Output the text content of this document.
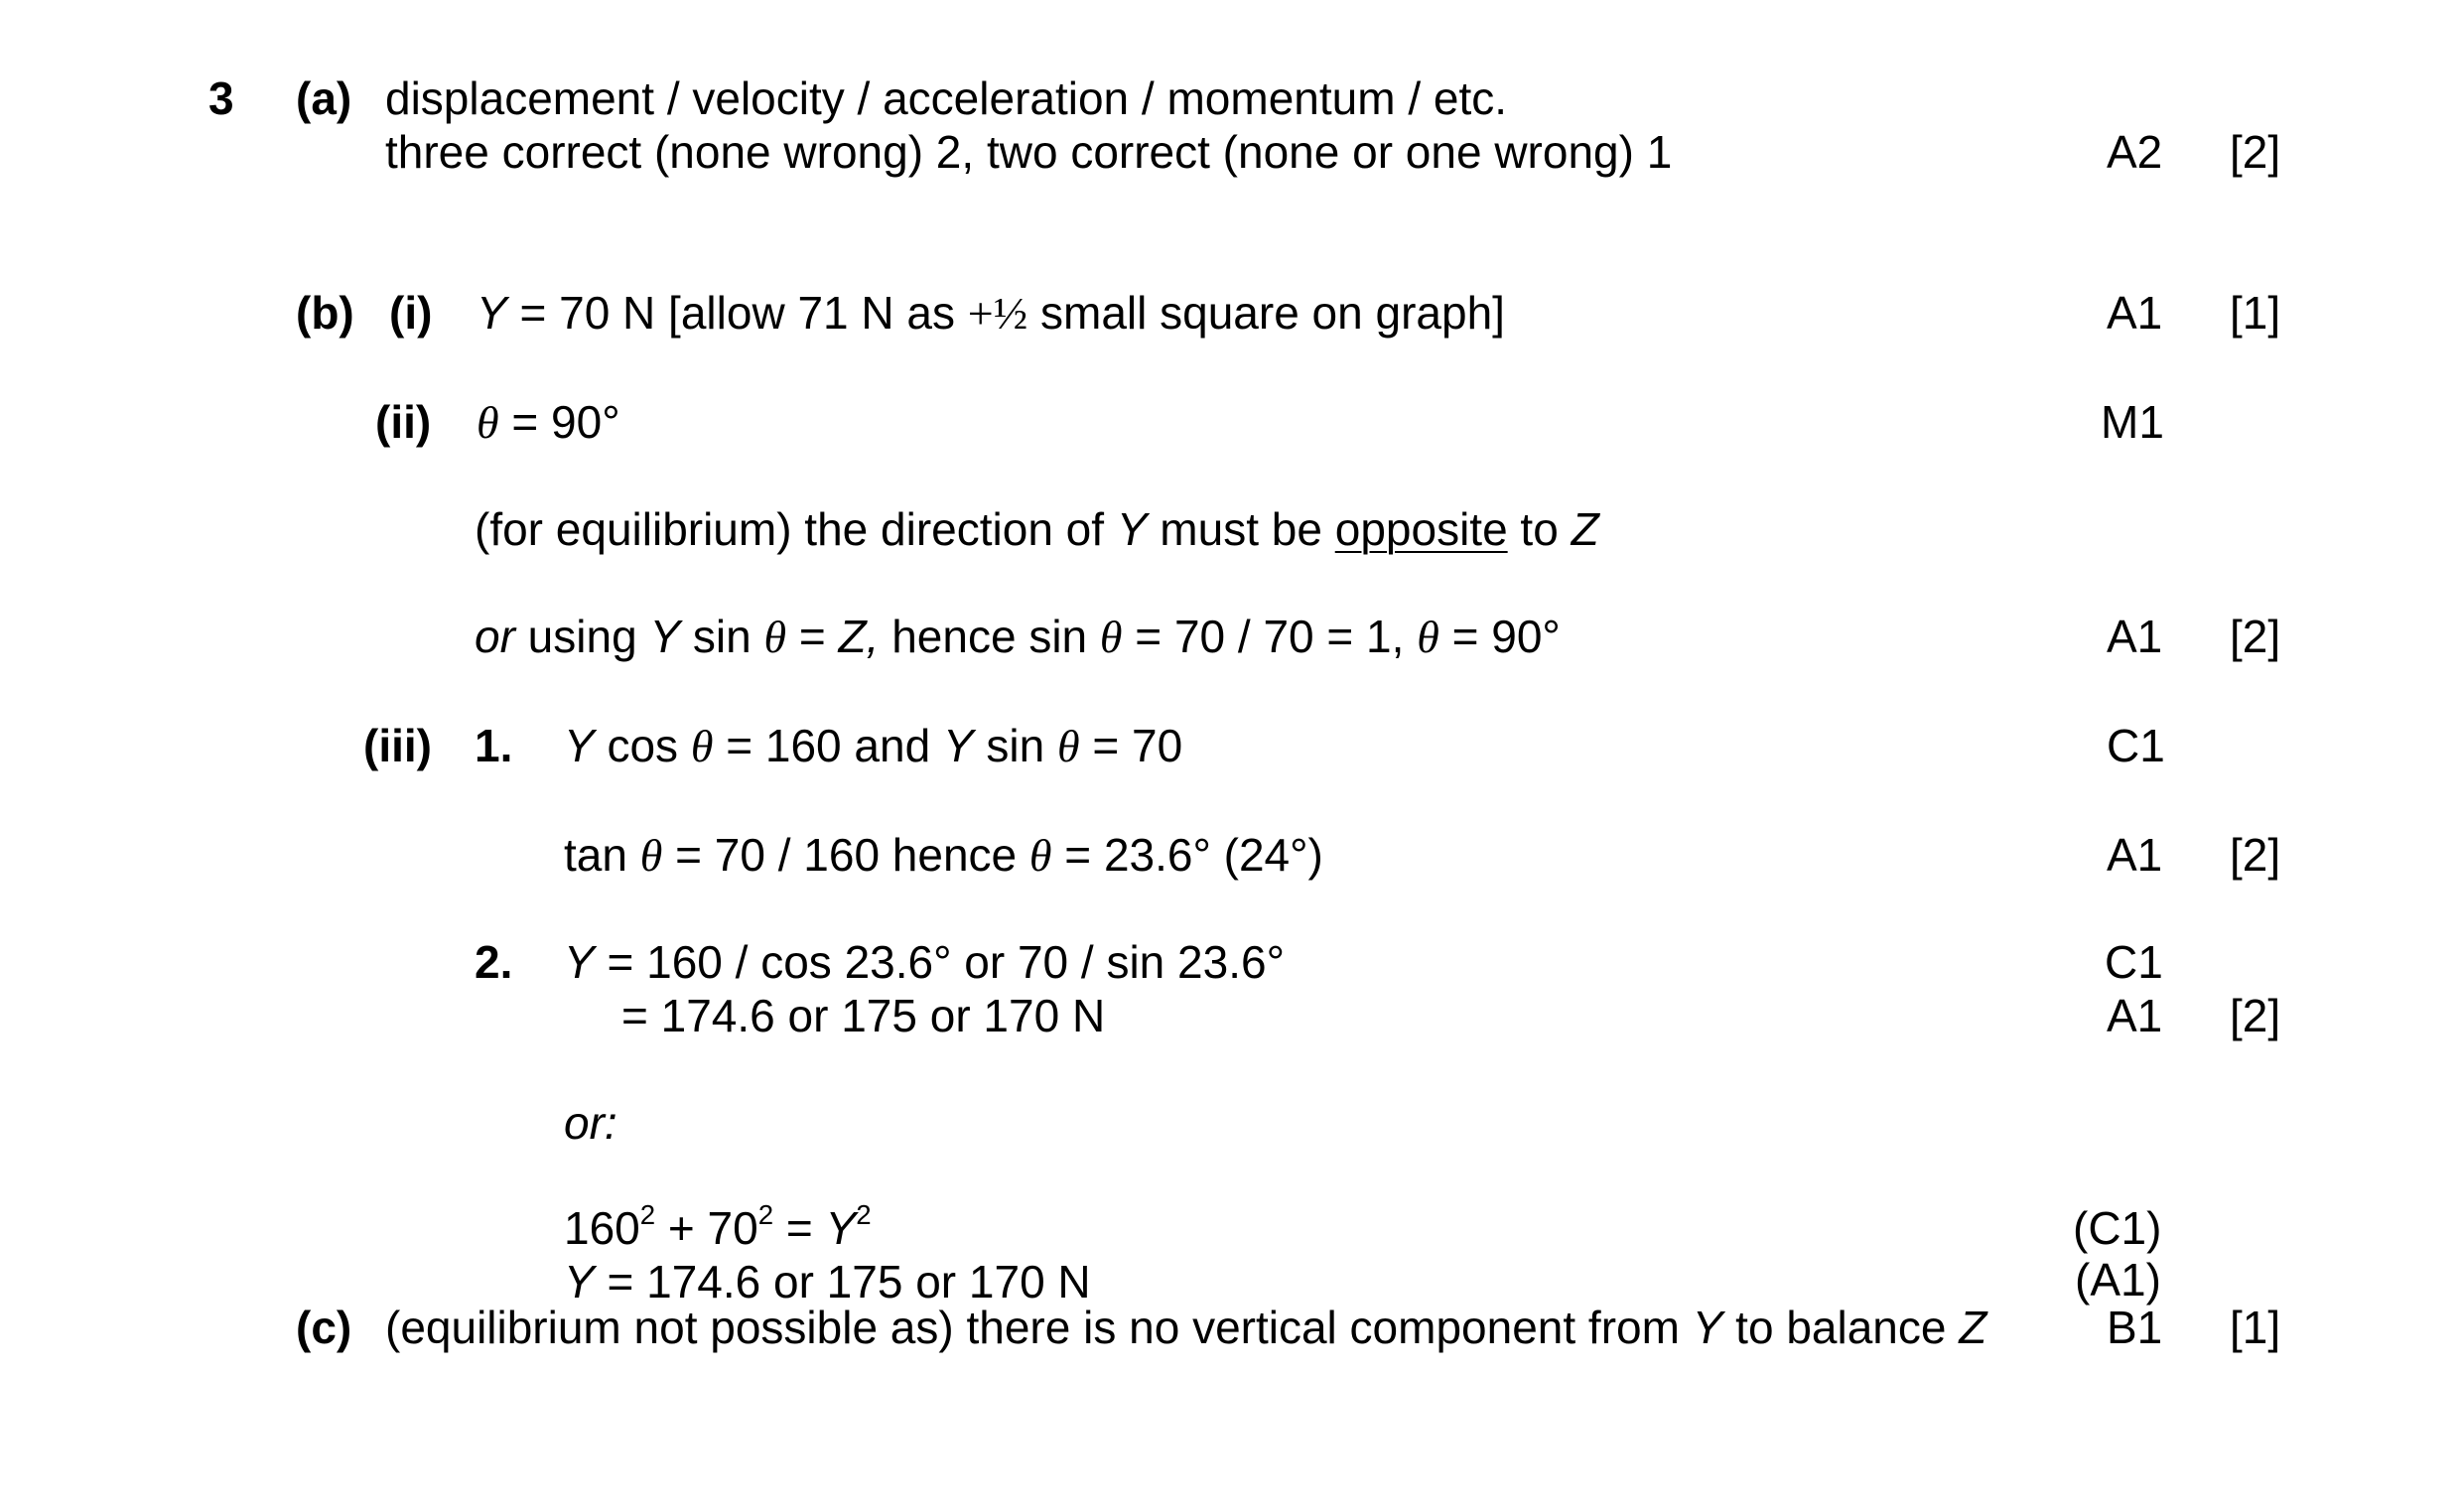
3 (a) displacement / velocity / acceleration / momentum / etc.
three correct (none wrong) 2, two correct (none or one wrong) 1	A2 [2]
(b) (i) Y = 70 N [allow 71 N as +½ small square on graph]	A1 [1]
(ii) θ = 90°	M1
(for equilibrium) the direction of Y must be opposite to Z
or using Y sin θ = Z, hence sin θ = 70 / 70 = 1, θ = 90°	A1 [2]
(iii) 1. Y cos θ = 160 and Y sin θ = 70	C1
tan θ = 70 / 160 hence θ = 23.6° (24°)	A1 [2]
2. Y = 160 / cos 23.6° or 70 / sin 23.6°	C1
= 174.6 or 175 or 170 N	A1 [2]
or:
$160^2 + 70^2 = Y^2$	(C1)
Y = 174.6 or 175 or 170 N	(A1)
(c) (equilibrium not possible as) there is no vertical component from Y to balance Z	B1 [1]
